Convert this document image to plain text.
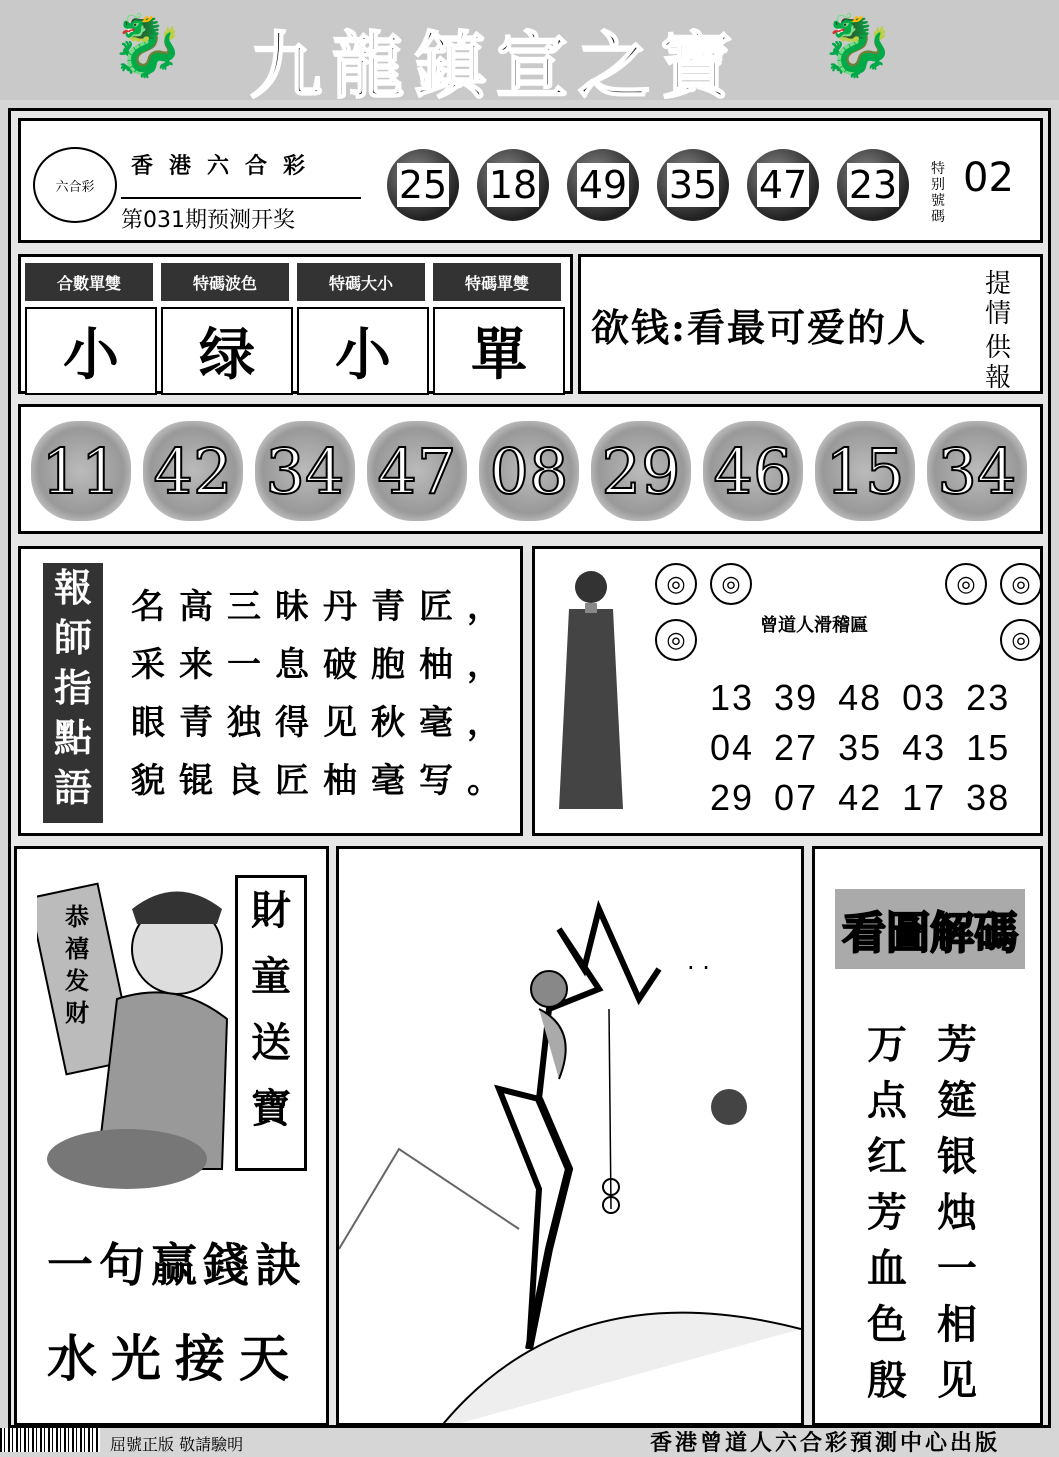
🐉 九龍鎮宣之寶 🐉
六合彩
香港六合彩
第031期预测开奖
25 18 49 35 47 23 特别號碼
02
合數單雙	特碼波色	特碼大小	特碼單雙
小	绿	小	單	欲钱:看最可爱的人
提情
供報
11 42 34 47 08 29 46 15 34
報師指點語
名高三昧丹青匠，
采来一息破胞柚，
眼青独得见秋毫，
貌锟良匠柚毫写。
◎	◎
◎
◎	◎
◎
曾道人滑稽匾
13 39 48 03 23
04 27 35 43 15
29 07 42 17 38
恭禧发财
財童送寶
一句赢錢訣
水光接天
. .
看圖解碼
芳筵银烛一相见
万点红芳血色殷
屈號正版 敬請驗明	香港曾道人六合彩預測中心出版
